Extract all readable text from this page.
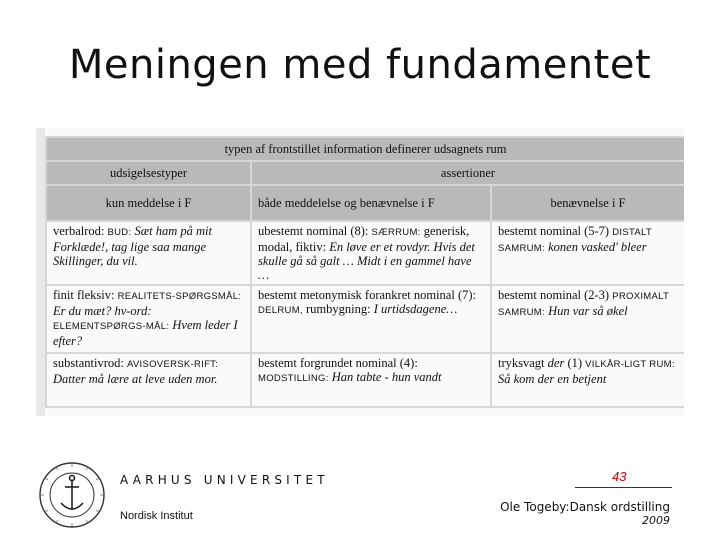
Meningen med fundamentet
typen af frontstillet information definerer udsagnets rum		
udsigelsestyper	assertioner	
kun meddelse i F	både meddelelse og benævnelse i F	benævnelse i F
verbalrod: BUD: Sæt ham på mit Forklæde!, tag lige saa mange Skillinger, du vil.	ubestemt nominal (8): SÆRRUM: generisk, modal, fiktiv: En løve er et rovdyr. Hvis det skulle gå så galt … Midt i en gammel have …	bestemt nominal (5-7) DISTALT SAMRUM: konen vasked' bleer
finit fleksiv: REALITETS-SPØRGSMÅL: Er du mæt? hv-ord: ELEMENTSPØRGS-MÅL: Hvem leder I efter?	bestemt metonymisk forankret nominal (7): DELRUM, rumbygning: I urtidsdagene…	bestemt nominal (2-3) PROXIMALT SAMRUM: Hun var så økel
substantivrod: AVISOVERSK-RIFT: Datter må lære at leve uden mor.	bestemt forgrundet nominal (4): MODSTILLING: Han tabte - hun vandt	tryksvagt der (1) VILKÅR-LIGT RUM: Så kom der en betjent
AARHUS UNIVERSITET
Nordisk Institut
43
Ole Togeby:Dansk ordstilling
2009
